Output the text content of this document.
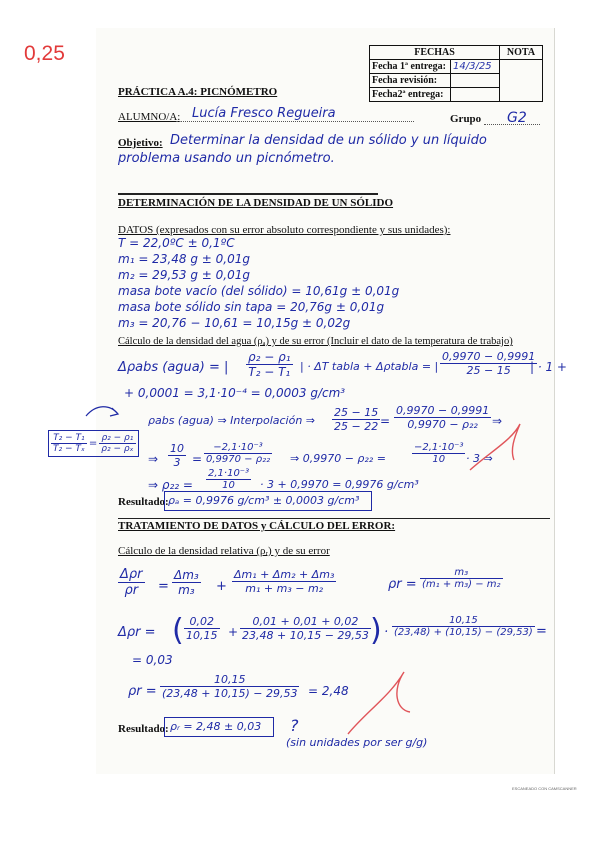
0,25	FECHAS		NOTA
Fecha 1ª entrega:	14/3/25	
Fecha revisión:		
Fecha2ª entrega:		
PRÁCTICA A.4: PICNÓMETRO
ALUMNO/A: Lucía Fresco Regueira	Grupo G2
Objetivo: Determinar la densidad de un sólido y un líquido
problema usando un picnómetro.
DETERMINACIÓN DE LA DENSIDAD DE UN SÓLIDO
DATOS (expresados con su error absoluto correspondiente y sus unidades):
T = 22,0ºC ± 0,1ºC
m₁ = 23,48 g ± 0,01g
m₂ = 29,53 g ± 0,01g
masa bote vacío (del sólido) = 10,61g ± 0,01g
masa bote sólido sin tapa = 20,76g ± 0,01g
m₃ = 20,76 − 10,61 = 10,15g ± 0,02g
Cálculo de la densidad del agua (ρₐ) y de su error (Incluir el dato de la temperatura de trabajo)
Δρabs (agua) = | $\frac{\text{ρ₂ − ρ₁}}{\text{T₂ − T₁}}$ | · ΔT tabla + Δρtabla = | $\frac{0,9970 - 0,9991}{25 - 15}$
| · 1 +
+ 0,0001 = 3,1·10⁻⁴ = 0,0003 g/cm³
ρabs (agua) ⇒ Interpolación ⇒ $\frac{25 - 15}{25 - 22} = \frac{0,9970 - 0,9991}{\text{0,9970 − ρ₂₂}}$ ⇒
$\frac{\text{T₂ − T₁}}{\text{T₂ − Tₓ}} = \frac{\text{ρ₂ − ρ₁}}{\text{ρ₂ − ρₓ}}$
⇒ $\frac{10}{3} = \frac{\text{−2,1·10⁻³}}{\text{0,9970 − ρ₂₂}}$ ⇒ 0,9970 − ρ₂₂ =	$\frac{\text{−2,1·10⁻³}}{10} \cdot 3$ ⇒
⇒ $\rho_{22} = \frac{\text{2,1·10⁻³}}{10} \cdot 3 + 0,9970 = 0,9976$ g/cm³
Resultado: ρₐ = 0,9976 g/cm³ ± 0,0003 g/cm³
TRATAMIENTO DE DATOS y CÁLCULO DEL ERROR:
Cálculo de la densidad relativa (ρᵣ) y de su error
Δρr
ρr	= $\frac{\text{Δm₃}}{\text{m₃}} + \frac{\text{Δm₁ + Δm₂ + Δm₃}}{\text{m₁ + m₃ − m₂}}$	$\rho r = \frac{\text{m₃}}{\text{(m₁ + m₃) − m₂}}$
Δρr = ( $\frac{0,02}{10,15} + \frac{0,01 + 0,01 + 0,02}{23,48 + 10,15 - 29,53}$ ) · $\frac{10,15}{(23,48) + (10,15) - (29,53)}$ =
= 0,03
$\rho r = \frac{10,15}{(23,48 + 10,15) - 29,53} = 2,48$
Resultado: ρᵣ = 2,48 ± 0,03 ?
(sin unidades por ser g/g)
ESCANEADO CON CAMSCANNER
